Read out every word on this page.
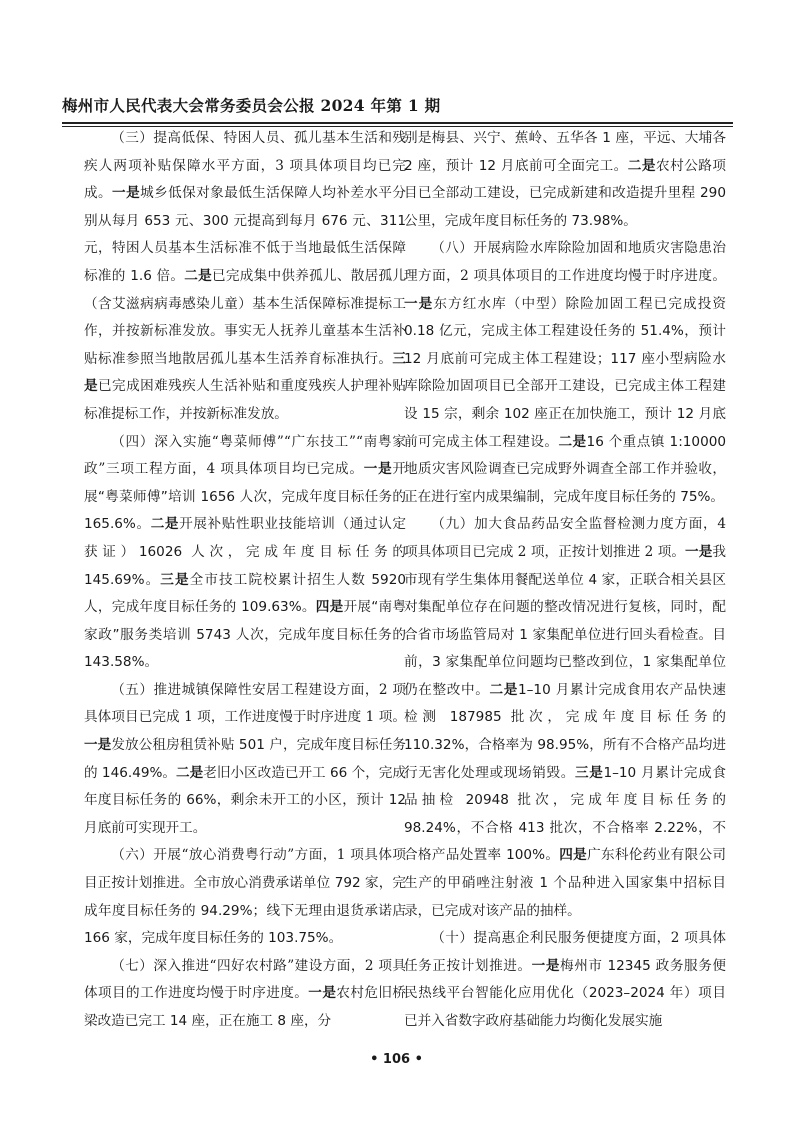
梅州市人民代表大会常务委员会公报 2024 年第 1 期

（三）提高低保、特困人员、孤儿基本生活和残疾人两项补贴保障水平方面，3 项具体项目均已完成。一是城乡低保对象最低生活保障人均补差水平分别从每月 653 元、300 元提高到每月 676 元、311 元，特困人员基本生活标准不低于当地最低生活保障标准的 1.6 倍。二是已完成集中供养孤儿、散居孤儿（含艾滋病病毒感染儿童）基本生活保障标准提标工作，并按新标准发放。事实无人抚养儿童基本生活补贴标准参照当地散居孤儿基本生活养育标准执行。三是已完成困难残疾人生活补贴和重度残疾人护理补贴标准提标工作，并按新标准发放。

（四）深入实施“粤菜师傅”“广东技工”“南粤家政”三项工程方面，4 项具体项目均已完成。一是开展“粤菜师傅”培训 1656 人次，完成年度目标任务的 165.6%。二是开展补贴性职业技能培训（通过认定获证）16026 人次，完成年度目标任务的 145.69%。三是全市技工院校累计招生人数 5920 人，完成年度目标任务的 109.63%。四是开展“南粤家政”服务类培训 5743 人次，完成年度目标任务的 143.58%。

（五）推进城镇保障性安居工程建设方面，2 项具体项目已完成 1 项，工作进度慢于时序进度 1 项。一是发放公租房租赁补贴 501 户，完成年度目标任务的 146.49%。二是老旧小区改造已开工 66 个，完成年度目标任务的 66%，剩余未开工的小区，预计 12 月底前可实现开工。

（六）开展“放心消费粤行动”方面，1 项具体项目正按计划推进。全市放心消费承诺单位 792 家，完成年度目标任务的 94.29%；线下无理由退货承诺店 166 家，完成年度目标任务的 103.75%。

（七）深入推进“四好农村路”建设方面，2 项具体项目的工作进度均慢于时序进度。一是农村危旧桥梁改造已完工 14 座，正在施工 8 座，分

别是梅县、兴宁、蕉岭、五华各 1 座，平远、大埔各 2 座，预计 12 月底前可全面完工。二是农村公路项目已全部动工建设，已完成新建和改造提升里程 290 公里，完成年度目标任务的 73.98%。

（八）开展病险水库除险加固和地质灾害隐患治理方面，2 项具体项目的工作进度均慢于时序进度。一是东方红水库（中型）除险加固工程已完成投资 0.18 亿元，完成主体工程建设任务的 51.4%，预计 12 月底前可完成主体工程建设；117 座小型病险水库除险加固项目已全部开工建设，已完成主体工程建设 15 宗，剩余 102 座正在加快施工，预计 12 月底前可完成主体工程建设。二是16 个重点镇 1:10000 地质灾害风险调查已完成野外调查全部工作并验收，正在进行室内成果编制，完成年度目标任务的 75%。

（九）加大食品药品安全监督检测力度方面，4 项具体项目已完成 2 项，正按计划推进 2 项。一是我市现有学生集体用餐配送单位 4 家，正联合相关县区对集配单位存在问题的整改情况进行复核，同时，配合省市场监管局对 1 家集配单位进行回头看检查。目前，3 家集配单位问题均已整改到位，1 家集配单位仍在整改中。二是1–10 月累计完成食用农产品快速检测 187985 批次，完成年度目标任务的 110.32%，合格率为 98.95%，所有不合格产品均进行无害化处理或现场销毁。三是1–10 月累计完成食品抽检 20948 批次，完成年度目标任务的 98.24%，不合格 413 批次，不合格率 2.22%，不合格产品处置率 100%。四是广东科伦药业有限公司生产的甲硝唑注射液 1 个品种进入国家集中招标目录，已完成对该产品的抽样。

（十）提高惠企利民服务便捷度方面，2 项具体任务正按计划推进。一是梅州市 12345 政务服务便民热线平台智能化应用优化（2023–2024 年）项目已并入省数字政府基础能力均衡化发展实施

• 106 •
